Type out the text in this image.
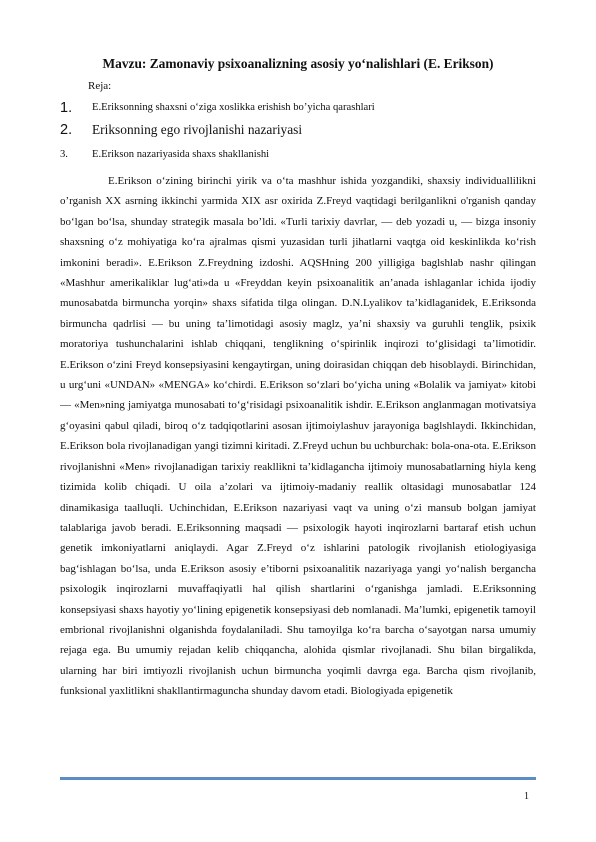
Mavzu: Zamonaviy psixoanalizning asosiy yo‘nalishlari (E. Erikson)
Reja:
1. E.Eriksonning shaxsni o‘ziga xoslikka erishish bo’yicha qarashlari
2. Eriksonning ego rivojlanishi nazariyasi
3. E.Erikson nazariyasida shaxs shakllanishi

E.Erikson o‘zining birinchi yirik va o‘ta mashhur ishida yozgandiki, shaxsiy individuallilikni o’rganish XX asrning ikkinchi yarmida XIX asr oxirida Z.Freyd vaqtidagi berilganlikni o'rganish qanday bo‘lgan bo‘lsa, shunday strategik masala bo’ldi. «Turli tarixiy davrlar, — deb yozadi u, — bizga insoniy shaxsning o‘z mohiyatiga ko‘ra ajralmas qismi yuzasidan turli jihatlarni vaqtga oid keskinlikda ko‘rish imkonini beradi». E.Erikson Z.Freydning izdoshi. AQSHning 200 yilligiga baglshlab nashr qilingan «Mashhur amerikaliklar lug‘ati»da u «Freyddan keyin psixoanalitik an’anada ishlaganlar ichida ijodiy munosabatda birmuncha yorqin» shaxs sifatida tilga olingan. D.N.Lyalikov ta’kidlaganidek, E.Eriksonda birmuncha qadrlisi — bu uning ta’limotidagi asosiy maglz, ya’ni shaxsiy va guruhli tenglik, psixik moratoriya tushunchalarini ishlab chiqqani, tenglikning o‘spirinlik inqirozi to‘glisidagi ta’limotidir. E.Erikson o‘zini Freyd konsepsiyasini kengaytirgan, uning doirasidan chiqqan deb hisoblaydi. Birinchidan, u urg‘uni «UNDAN» «MENGA» ko‘chirdi. E.Erikson so‘zlari bo‘yicha uning «Bolalik va jamiyat» kitobi — «Men»ning jamiyatga munosabati to‘g‘risidagi psixoanalitik ishdir. E.Erikson anglanmagan motivatsiya g‘oyasini qabul qiladi, biroq o‘z tadqiqotlarini asosan ijtimoiylashuv jarayoniga baglshlaydi. Ikkinchidan, E.Erikson bola rivojlanadigan yangi tizimni kiritadi. Z.Freyd uchun bu uchburchak: bola-ona-ota. E.Erikson rivojlanishni «Men» rivojlanadigan tarixiy reakllikni ta’kidlagancha ijtimoiy munosabatlarning hiyla keng tizimida kolib chiqadi. U oila a’zolari va ijtimoiy-madaniy reallik oltasidagi munosabatlar 124 dinamikasiga taalluqli. Uchinchidan, E.Erikson nazariyasi vaqt va uning o‘zi mansub bolgan jamiyat talablariga javob beradi. E.Eriksonning maqsadi — psixologik hayoti inqirozlarni bartaraf etish uchun genetik imkoniyatlarni aniqlaydi. Agar Z.Freyd o‘z ishlarini patologik rivojlanish etiologiyasiga bag‘ishlagan bo‘lsa, unda E.Erikson asosiy e’tiborni psixoanalitik nazariyaga yangi yo‘nalish bergancha psixologik inqirozlarni muvaffaqiyatli hal qilish shartlarini o‘rganishga jamladi. E.Eriksonning konsepsiyasi shaxs hayotiy yo‘lining epigenetik konsepsiyasi deb nomlanadi. Ma’lumki, epigenetik tamoyil embrional rivojlanishni olganishda foydalaniladi. Shu tamoyilga ko‘ra barcha o‘sayotgan narsa umumiy rejaga ega. Bu umumiy rejadan kelib chiqqancha, alohida qismlar rivojlanadi. Shu bilan birgalikda, ularning har biri imtiyozli rivojlanish uchun birmuncha yoqimli davrga ega. Barcha qism rivojlanib, funksional yaxlitlikni shakllantirmaguncha shunday davom etadi. Biologiyada epigenetik

1
